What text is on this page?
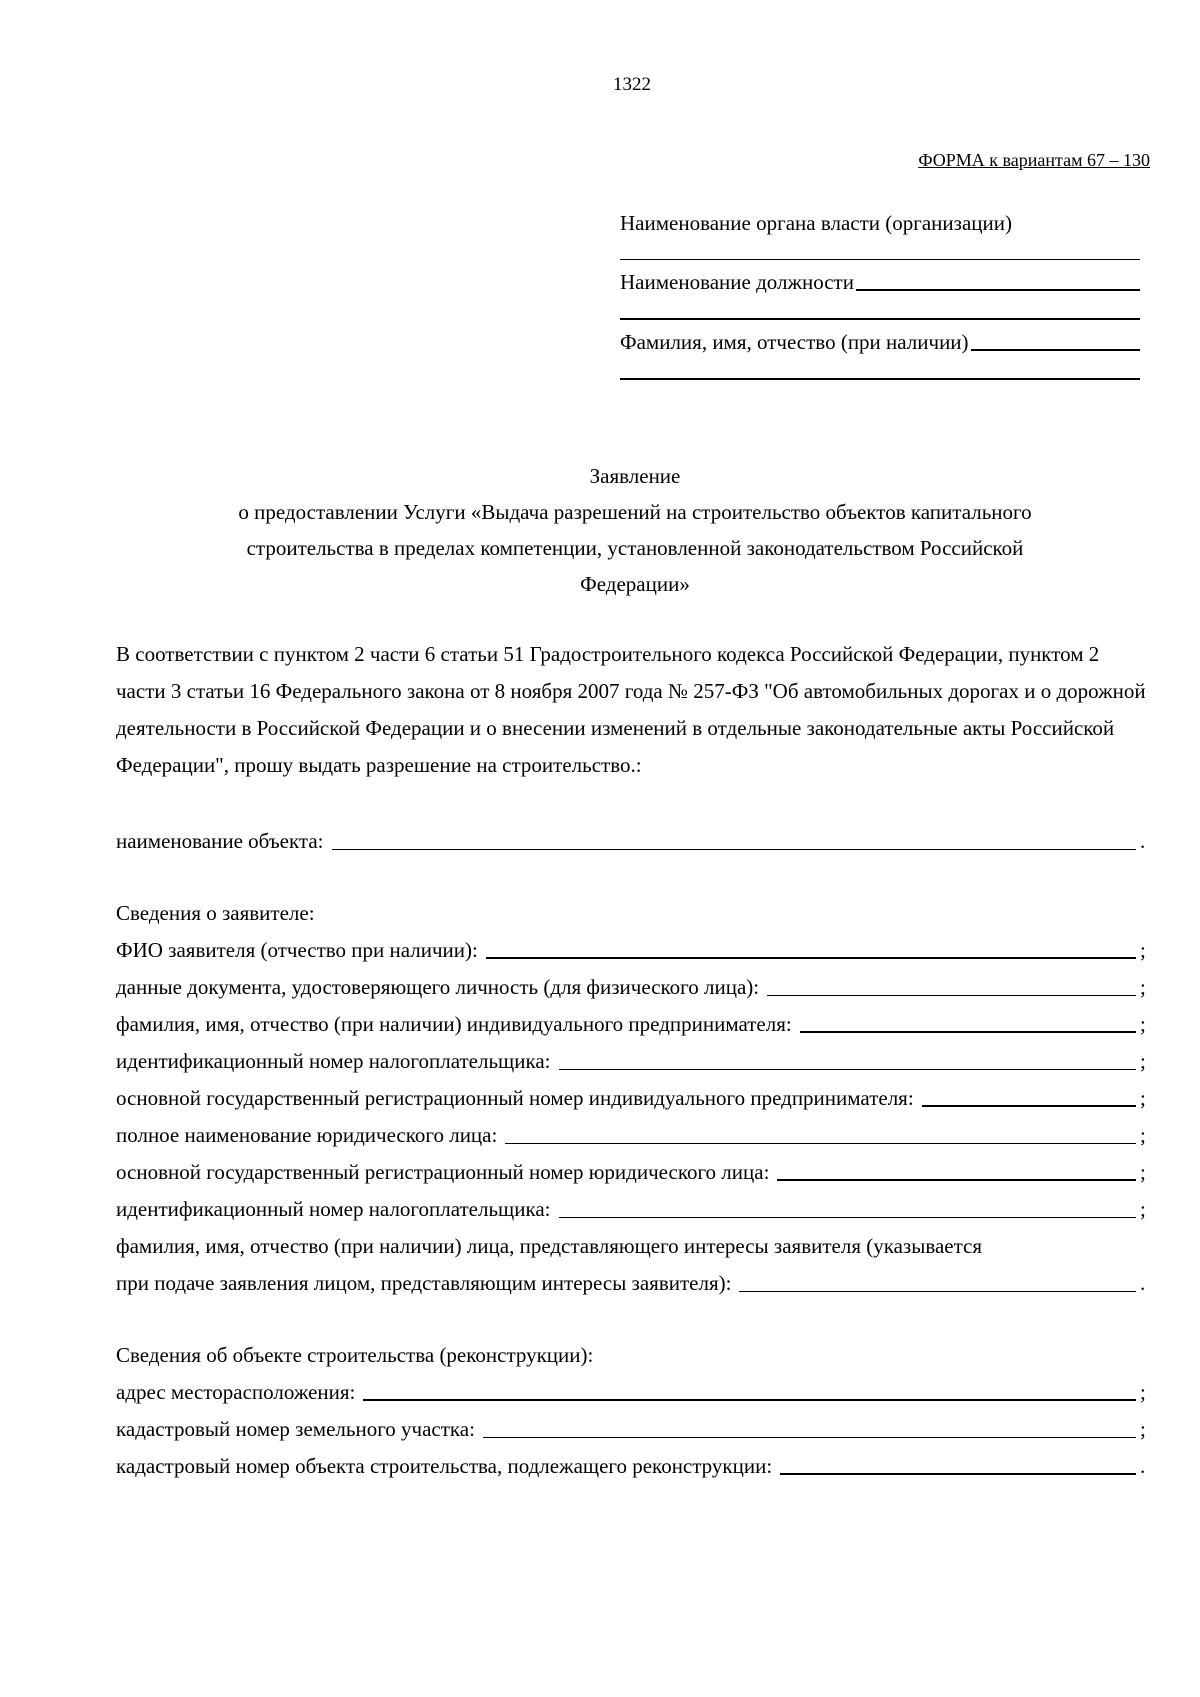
1322
ФОРМА к вариантам 67 – 130
Наименование органа власти (организации)
Наименование должности
Фамилия, имя, отчество (при наличии)
Заявление
о предоставлении Услуги «Выдача разрешений на строительство объектов капитального
строительства в пределах компетенции, установленной законодательством Российской
Федерации»
В соответствии с пунктом 2 части 6 статьи 51 Градостроительного кодекса Российской Федерации, пунктом 2 части 3 статьи 16 Федерального закона от 8 ноября 2007 года № 257-ФЗ "Об автомобильных дорогах и о дорожной деятельности в Российской Федерации и о внесении изменений в отдельные законодательные акты Российской Федерации", прошу выдать разрешение на строительство.:
наименование объекта:	.
Сведения о заявителе:
ФИО заявителя (отчество при наличии):	;
данные документа, удостоверяющего личность (для физического лица):	;
фамилия, имя, отчество (при наличии) индивидуального предпринимателя:	;
идентификационный номер налогоплательщика:	;
основной государственный регистрационный номер индивидуального предпринимателя:	;
полное наименование юридического лица:	;
основной государственный регистрационный номер юридического лица:	;
идентификационный номер налогоплательщика:	;
фамилия, имя, отчество (при наличии) лица, представляющего интересы заявителя (указывается
при подаче заявления лицом, представляющим интересы заявителя):	.
Сведения об объекте строительства (реконструкции):
адрес месторасположения:	;
кадастровый номер земельного участка:	;
кадастровый номер объекта строительства, подлежащего реконструкции:	.
